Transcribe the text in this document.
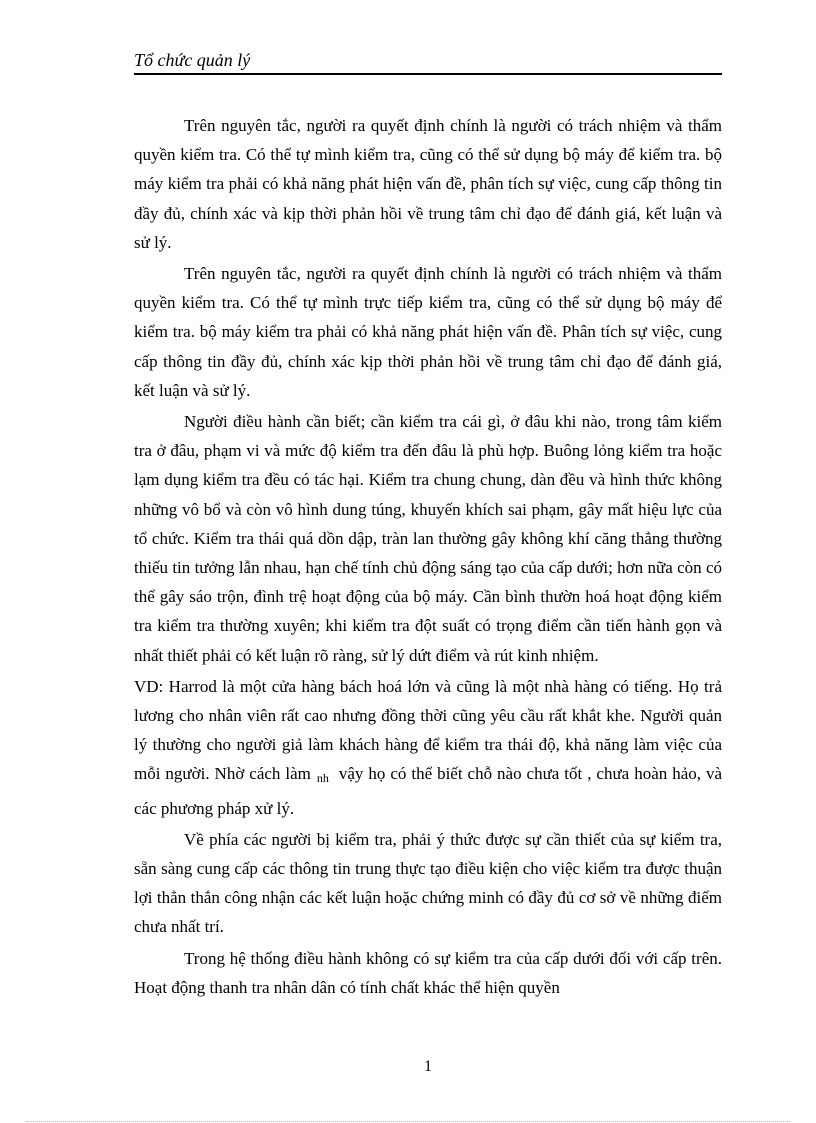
Tổ chức quản lý

Trên nguyên tắc, người ra quyết định chính là người có trách nhiệm và thẩm quyền kiểm tra. Có thể tự mình kiểm tra, cũng có thể sử dụng bộ máy để kiểm tra. bộ máy kiểm tra phải có khả năng phát hiện vấn đề, phân tích sự việc, cung cấp thông tin đầy đủ, chính xác và kịp thời phản hồi về trung tâm chỉ đạo để đánh giá, kết luận và sử lý.

Trên nguyên tắc, người ra quyết định chính là người có trách nhiệm và thẩm quyền kiểm tra. Có thể tự mình trực tiếp kiểm tra, cũng có thể sử dụng bộ máy để kiểm tra. bộ máy kiểm tra phải có khả năng phát hiện vấn đề. Phân tích sự việc, cung cấp thông tin đầy đủ, chính xác kịp thời phản hồi về trung tâm chỉ đạo để đánh giá, kết luận và sử lý.

Người điều hành cần biết; cần kiểm tra cái gì, ở đâu khi nào, trong tâm kiểm tra ở đâu, phạm vi và mức độ kiểm tra đến đâu là phù hợp. Buông lỏng kiểm tra hoặc lạm dụng kiểm tra đều có tác hại. Kiểm tra chung chung, dàn đều và hình thức không những vô bổ và còn vô hình dung túng, khuyến khích sai phạm, gây mất hiệu lực của tổ chức. Kiểm tra thái quá dồn dập, tràn lan thường gây không khí căng thẳng thường thiếu tin tưởng lẫn nhau, hạn chế tính chủ động sáng tạo của cấp dưới; hơn nữa còn có thể gây sáo trộn, đình trệ hoạt động của bộ máy. Cần bình thườn hoá hoạt động kiểm tra kiểm tra thường xuyên; khi kiểm tra đột suất có trọng điểm cần tiến hành gọn và nhất thiết phải có kết luận rõ ràng, sử lý dứt điểm và rút kinh nhiệm.

VD: Harrod là một cửa hàng bách hoá lớn và cũng là một nhà hàng có tiếng. Họ trả lương cho nhân viên rất cao nhưng đồng thời cũng yêu cầu rất khắt khe. Người quản lý thường cho người giả làm khách hàng để kiểm tra thái độ, khả năng làm việc của mỗi người. Nhờ cách làm nh vậy họ có thể biết chỗ nào chưa tốt , chưa hoàn hảo, và các phương pháp xử lý.

Về phía các người bị kiểm tra, phải ý thức được sự cần thiết của sự kiểm tra, sẵn sàng cung cấp các thông tin trung thực tạo điều kiện cho việc kiểm tra được thuận lợi thẳn thắn công nhận các kết luận hoặc chứng minh có đầy đủ cơ sở về những điểm chưa nhất trí.

Trong hệ thống điều hành không có sự kiểm tra của cấp dưới đối với cấp trên. Hoạt động thanh tra nhân dân có tính chất khác thể hiện quyền

1
